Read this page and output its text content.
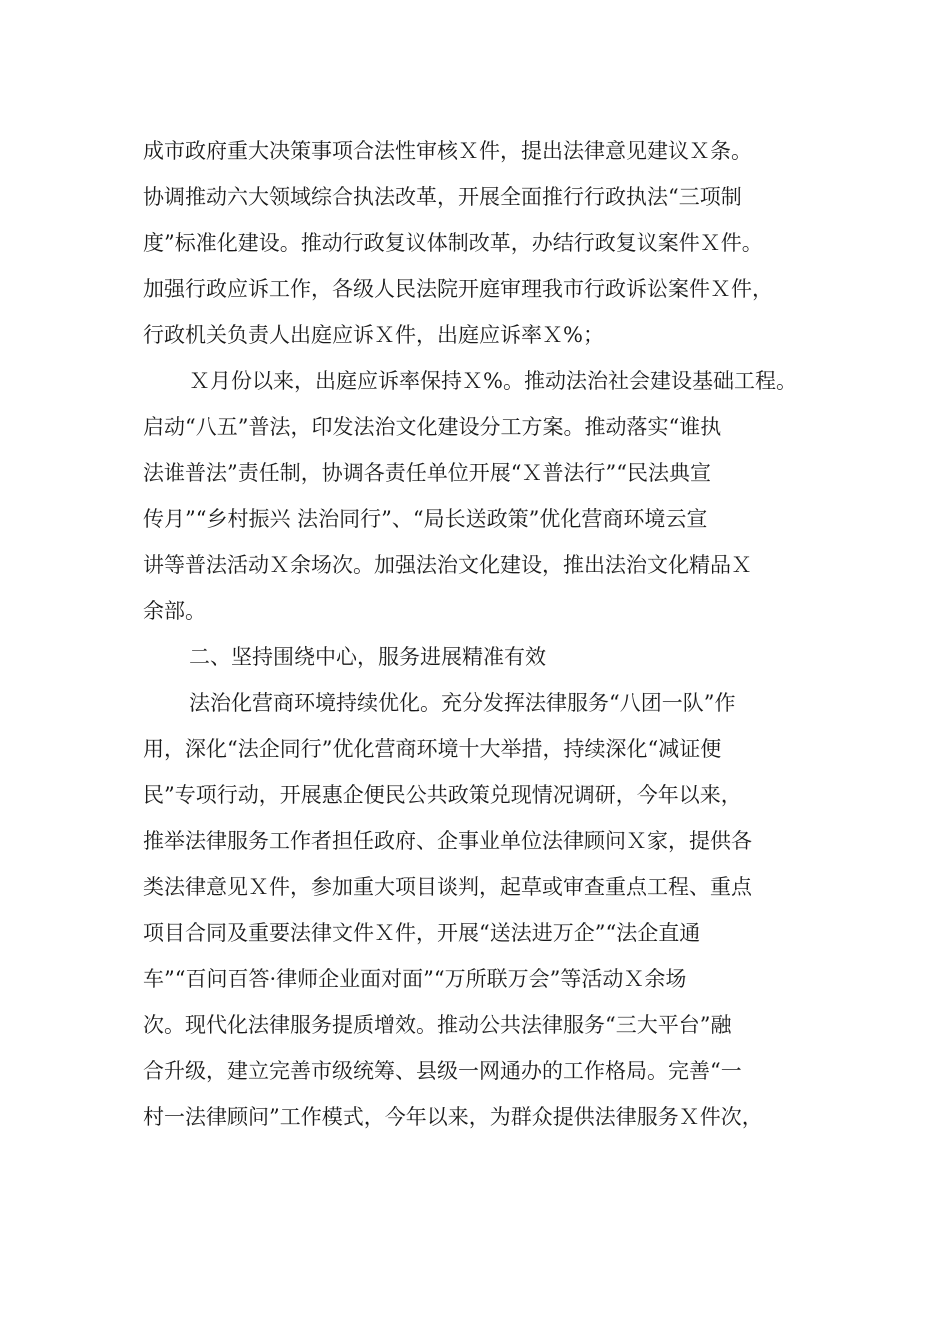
成市政府重大决策事项合法性审核Ｘ件，提出法律意见建议Ｘ条。
协调推动六大领域综合执法改革，开展全面推行行政执法“三项制
度”标准化建设。推动行政复议体制改革，办结行政复议案件Ｘ件。
加强行政应诉工作，各级人民法院开庭审理我市行政诉讼案件Ｘ件，
行政机关负责人出庭应诉Ｘ件，出庭应诉率Ｘ%；
Ｘ月份以来，出庭应诉率保持Ｘ%。推动法治社会建设基础工程。
启动“八五”普法，印发法治文化建设分工方案。推动落实“谁执
法谁普法”责任制，协调各责任单位开展“Ｘ普法行”“民法典宣
传月”“乡村振兴 法治同行”、“局长送政策”优化营商环境云宣
讲等普法活动Ｘ余场次。加强法治文化建设，推出法治文化精品Ｘ
余部。
二、坚持围绕中心，服务进展精准有效
法治化营商环境持续优化。充分发挥法律服务“八团一队”作
用，深化“法企同行”优化营商环境十大举措，持续深化“减证便
民”专项行动，开展惠企便民公共政策兑现情况调研，今年以来，
推举法律服务工作者担任政府、企事业单位法律顾问Ｘ家，提供各
类法律意见Ｘ件，参加重大项目谈判，起草或审查重点工程、重点
项目合同及重要法律文件Ｘ件，开展“送法进万企”“法企直通
车”“百问百答·律师企业面对面”“万所联万会”等活动Ｘ余场
次。现代化法律服务提质增效。推动公共法律服务“三大平台”融
合升级，建立完善市级统筹、县级一网通办的工作格局。完善“一
村一法律顾问”工作模式，今年以来，为群众提供法律服务Ｘ件次，
